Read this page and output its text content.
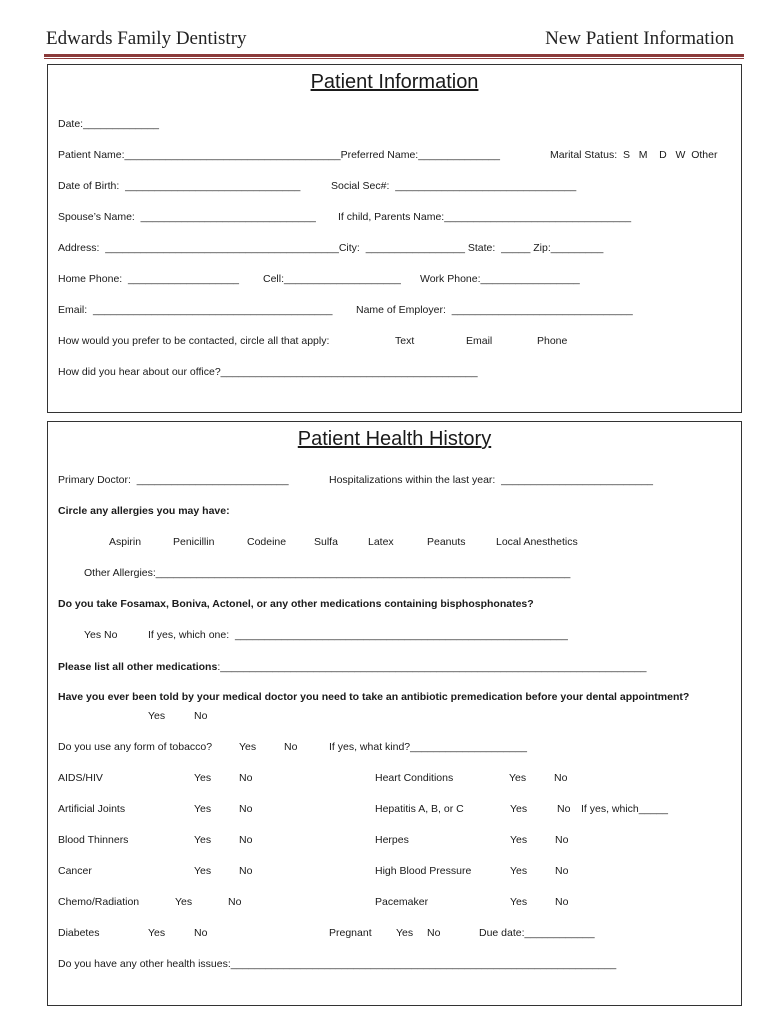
Edwards Family Dentistry	New Patient Information
Patient Information
Date:_____________
Patient Name:_____________________________________Preferred Name:______________	Marital Status:  S   M    D   W  Other
Date of Birth:  ______________________________	Social Sec#:  _______________________________
Spouse’s Name:  ______________________________ If child, Parents Name:________________________________
Address:  ________________________________________City:  _________________ State:  _____ Zip:_________
Home Phone:  ___________________ Cell:____________________ Work Phone:_________________
Email:  _________________________________________ Name of Employer:  _______________________________
How would you prefer to be contacted, circle all that apply:	Text	Email	Phone
How did you hear about our office?____________________________________________
Patient Health History
Primary Doctor:  __________________________	Hospitalizations within the last year:  __________________________
Circle any allergies you may have:
Aspirin	Penicillin	Codeine	Sulfa	Latex	Peanuts	Local Anesthetics
Other Allergies:_______________________________________________________________________
Do you take Fosamax, Boniva, Actonel, or any other medications containing bisphosphonates?
Yes No	If yes, which one:  _________________________________________________________
Please list all other medications:_________________________________________________________________________
Have you ever been told by your medical doctor you need to take an antibiotic premedication before your dental appointment?
Yes	No
Do you use any form of tobacco?	Yes	No	If yes, what kind?____________________
AIDS/HIV	Yes	No	Heart Conditions	Yes	No
Artificial Joints	Yes	No	Hepatitis A, B, or C	Yes	No If yes, which_____
Blood Thinners	Yes	No	Herpes	Yes	No
Cancer	Yes	No	High Blood Pressure	Yes	No
Chemo/Radiation	Yes	No	Pacemaker	Yes	No
Diabetes	Yes	No	Pregnant Yes No	Due date:____________
Do you have any other health issues:__________________________________________________________________
